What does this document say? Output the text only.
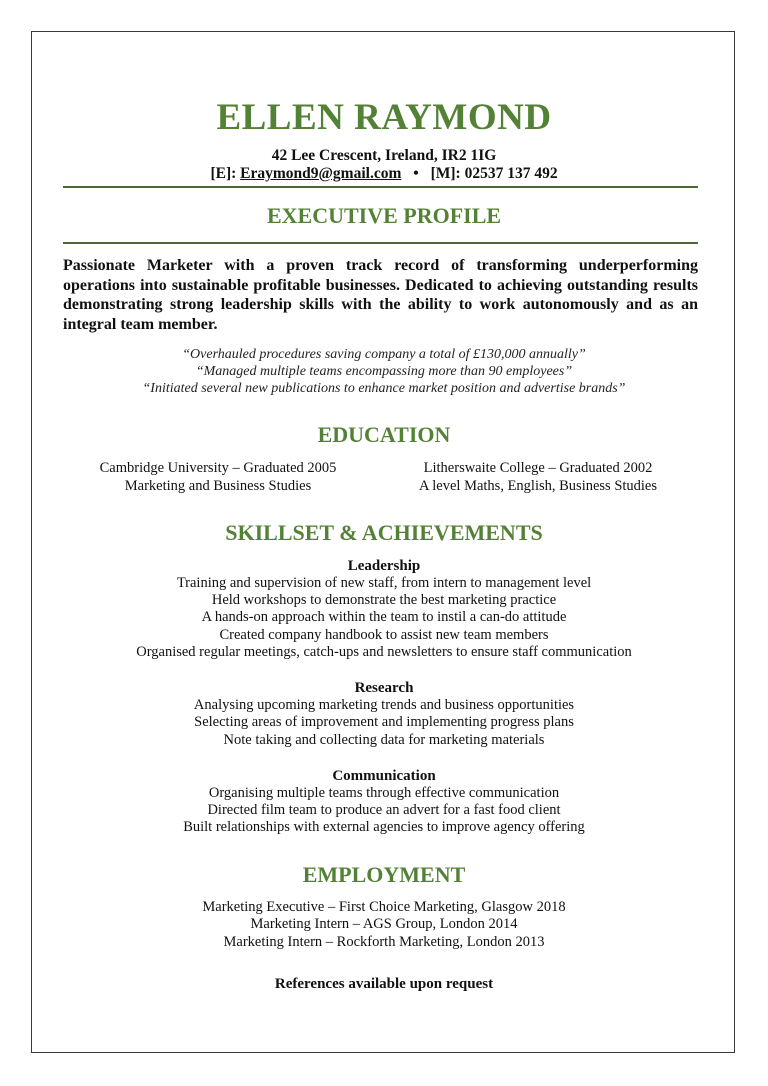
ELLEN RAYMOND
42 Lee Crescent, Ireland, IR2 1IG
[E]: Eraymond9@gmail.com • [M]: 02537 137 492
EXECUTIVE PROFILE
Passionate Marketer with a proven track record of transforming underperforming operations into sustainable profitable businesses. Dedicated to achieving outstanding results demonstrating strong leadership skills with the ability to work autonomously and as an integral team member.
“Overhauled procedures saving company a total of £130,000 annually”
“Managed multiple teams encompassing more than 90 employees”
“Initiated several new publications to enhance market position and advertise brands”
EDUCATION
Cambridge University – Graduated 2005
Marketing and Business Studies
Litherswaite College – Graduated 2002
A level Maths, English, Business Studies
SKILLSET & ACHIEVEMENTS
Leadership
Training and supervision of new staff, from intern to management level
Held workshops to demonstrate the best marketing practice
A hands-on approach within the team to instil a can-do attitude
Created company handbook to assist new team members
Organised regular meetings, catch-ups and newsletters to ensure staff communication
Research
Analysing upcoming marketing trends and business opportunities
Selecting areas of improvement and implementing progress plans
Note taking and collecting data for marketing materials
Communication
Organising multiple teams through effective communication
Directed film team to produce an advert for a fast food client
Built relationships with external agencies to improve agency offering
EMPLOYMENT
Marketing Executive – First Choice Marketing, Glasgow 2018
Marketing Intern – AGS Group, London 2014
Marketing Intern – Rockforth Marketing, London 2013
References available upon request
